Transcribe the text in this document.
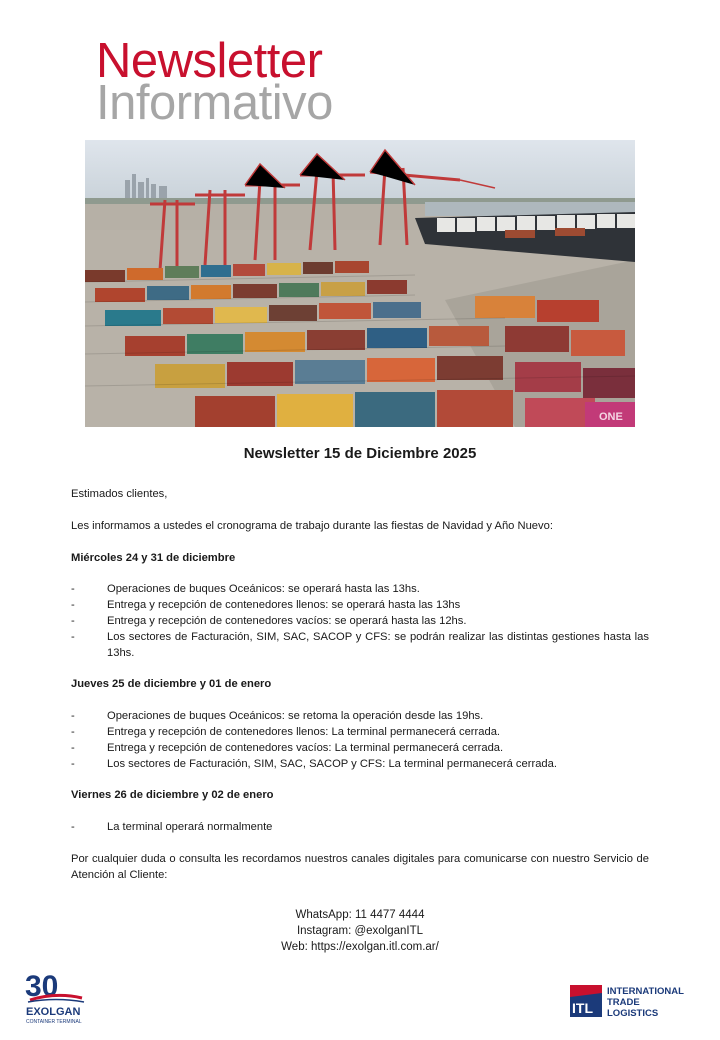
Newsletter
Informativo
ONE
Newsletter 15 de Diciembre 2025

Estimados clientes,

Les informamos a ustedes el cronograma de trabajo durante las fiestas de Navidad y Año Nuevo:

Miércoles 24 y 31 de diciembre

- Operaciones de buques Oceánicos: se operará hasta las 13hs.
- Entrega y recepción de contenedores llenos: se operará hasta las 13hs
- Entrega y recepción de contenedores vacíos: se operará hasta las 12hs.
- Los sectores de Facturación, SIM, SAC, SACOP y CFS: se podrán realizar las distintas gestiones hasta las 13hs.

Jueves 25 de diciembre y 01 de enero

- Operaciones de buques Oceánicos: se retoma la operación desde las 19hs.
- Entrega y recepción de contenedores llenos: La terminal permanecerá cerrada.
- Entrega y recepción de contenedores vacíos: La terminal permanecerá cerrada.
- Los sectores de Facturación, SIM, SAC, SACOP y CFS: La terminal permanecerá cerrada.

Viernes 26 de diciembre y 02 de enero

- La terminal operará normalmente

Por cualquier duda o consulta les recordamos nuestros canales digitales para comunicarse con nuestro Servicio de Atención al Cliente:

WhatsApp: 11 4477 4444
Instagram: @exolganITL
Web: https://exolgan.itl.com.ar/
30
EXOLGAN
CONTAINER TERMINAL
ITL
INTERNATIONAL
TRADE
LOGISTICS
